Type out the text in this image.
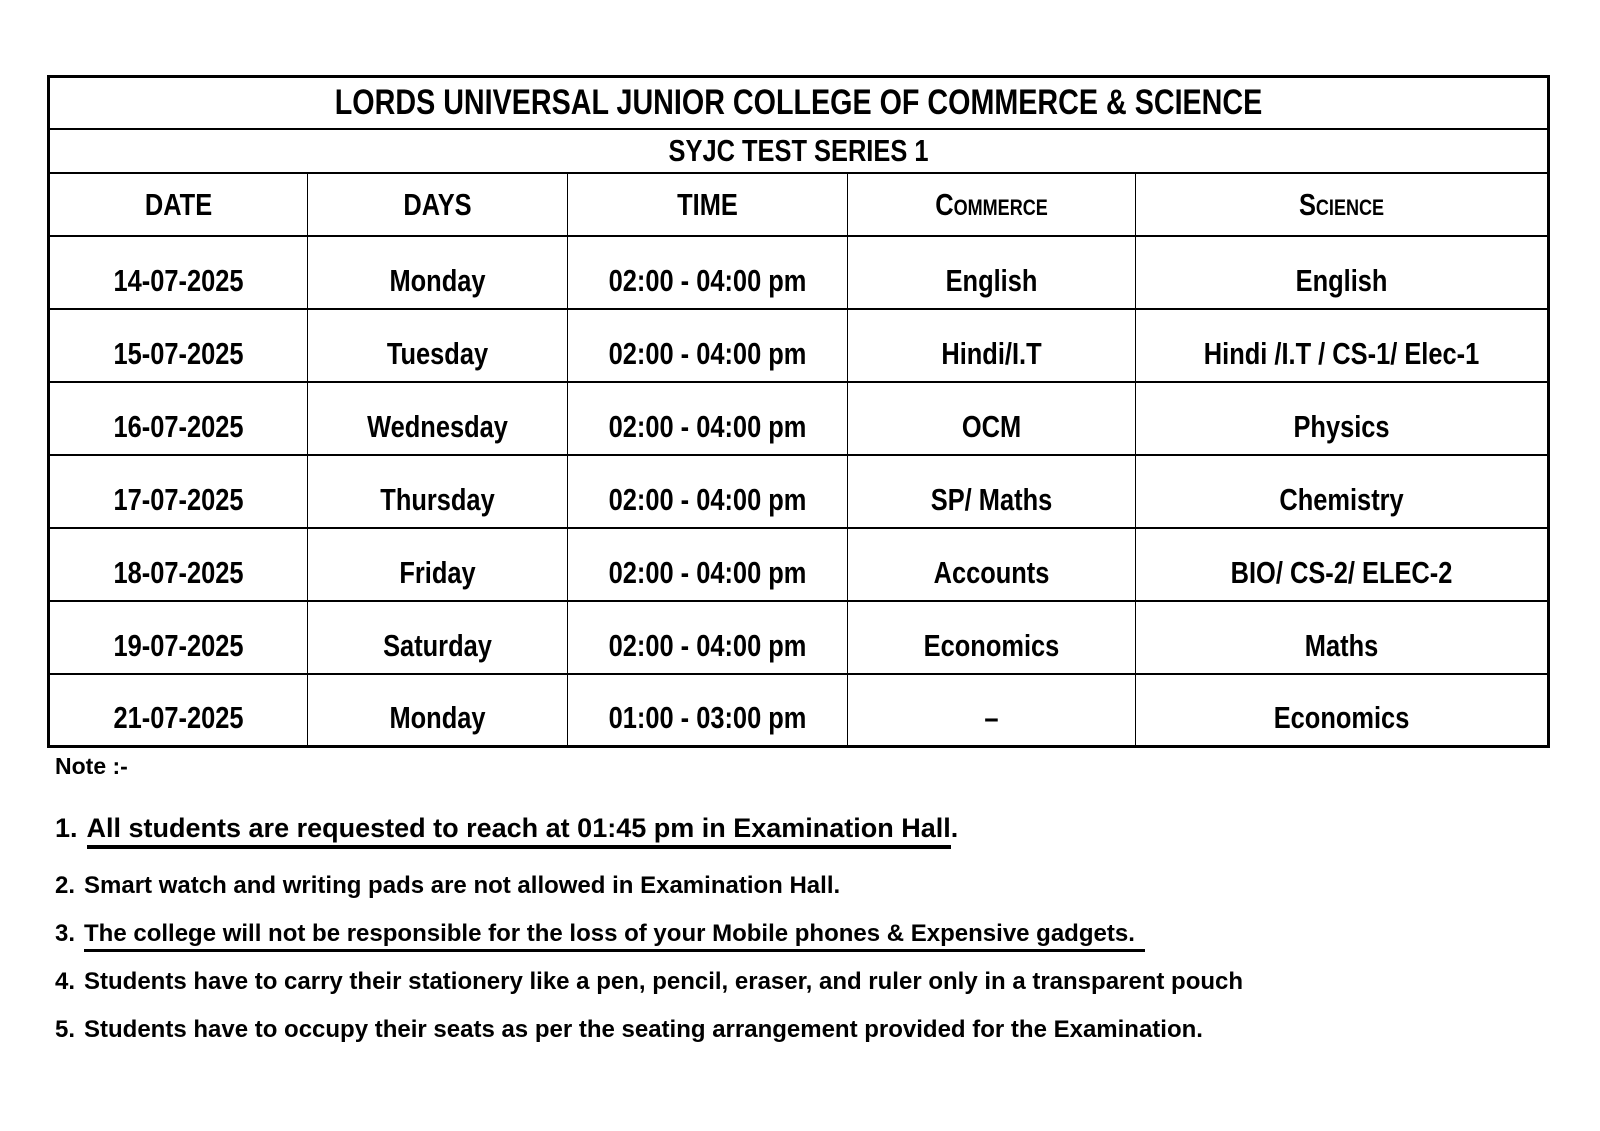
LORDS UNIVERSAL JUNIOR COLLEGE OF COMMERCE & SCIENCE				

SYJC TEST SERIES 1				

DATE	DAYS	TIME	Commerce	Science

14-07-2025	Monday	02:00 - 04:00 pm	English	English

15-07-2025	Tuesday	02:00 - 04:00 pm	Hindi/I.T	Hindi /I.T / CS-1/ Elec-1

16-07-2025	Wednesday	02:00 - 04:00 pm	OCM	Physics

17-07-2025	Thursday	02:00 - 04:00 pm	SP/ Maths	Chemistry

18-07-2025	Friday	02:00 - 04:00 pm	Accounts	BIO/ CS-2/ ELEC-2

19-07-2025	Saturday	02:00 - 04:00 pm	Economics	Maths

21-07-2025	Monday	01:00 - 03:00 pm	–	Economics
Note :-
1. All students are requested to reach at 01:45 pm in Examination Hall.
2. Smart watch and writing pads are not allowed in Examination Hall.
3. The college will not be responsible for the loss of your Mobile phones & Expensive gadgets.
4. Students have to carry their stationery like a pen, pencil, eraser, and ruler only in a transparent pouch
5. Students have to occupy their seats as per the seating arrangement provided for the Examination.
